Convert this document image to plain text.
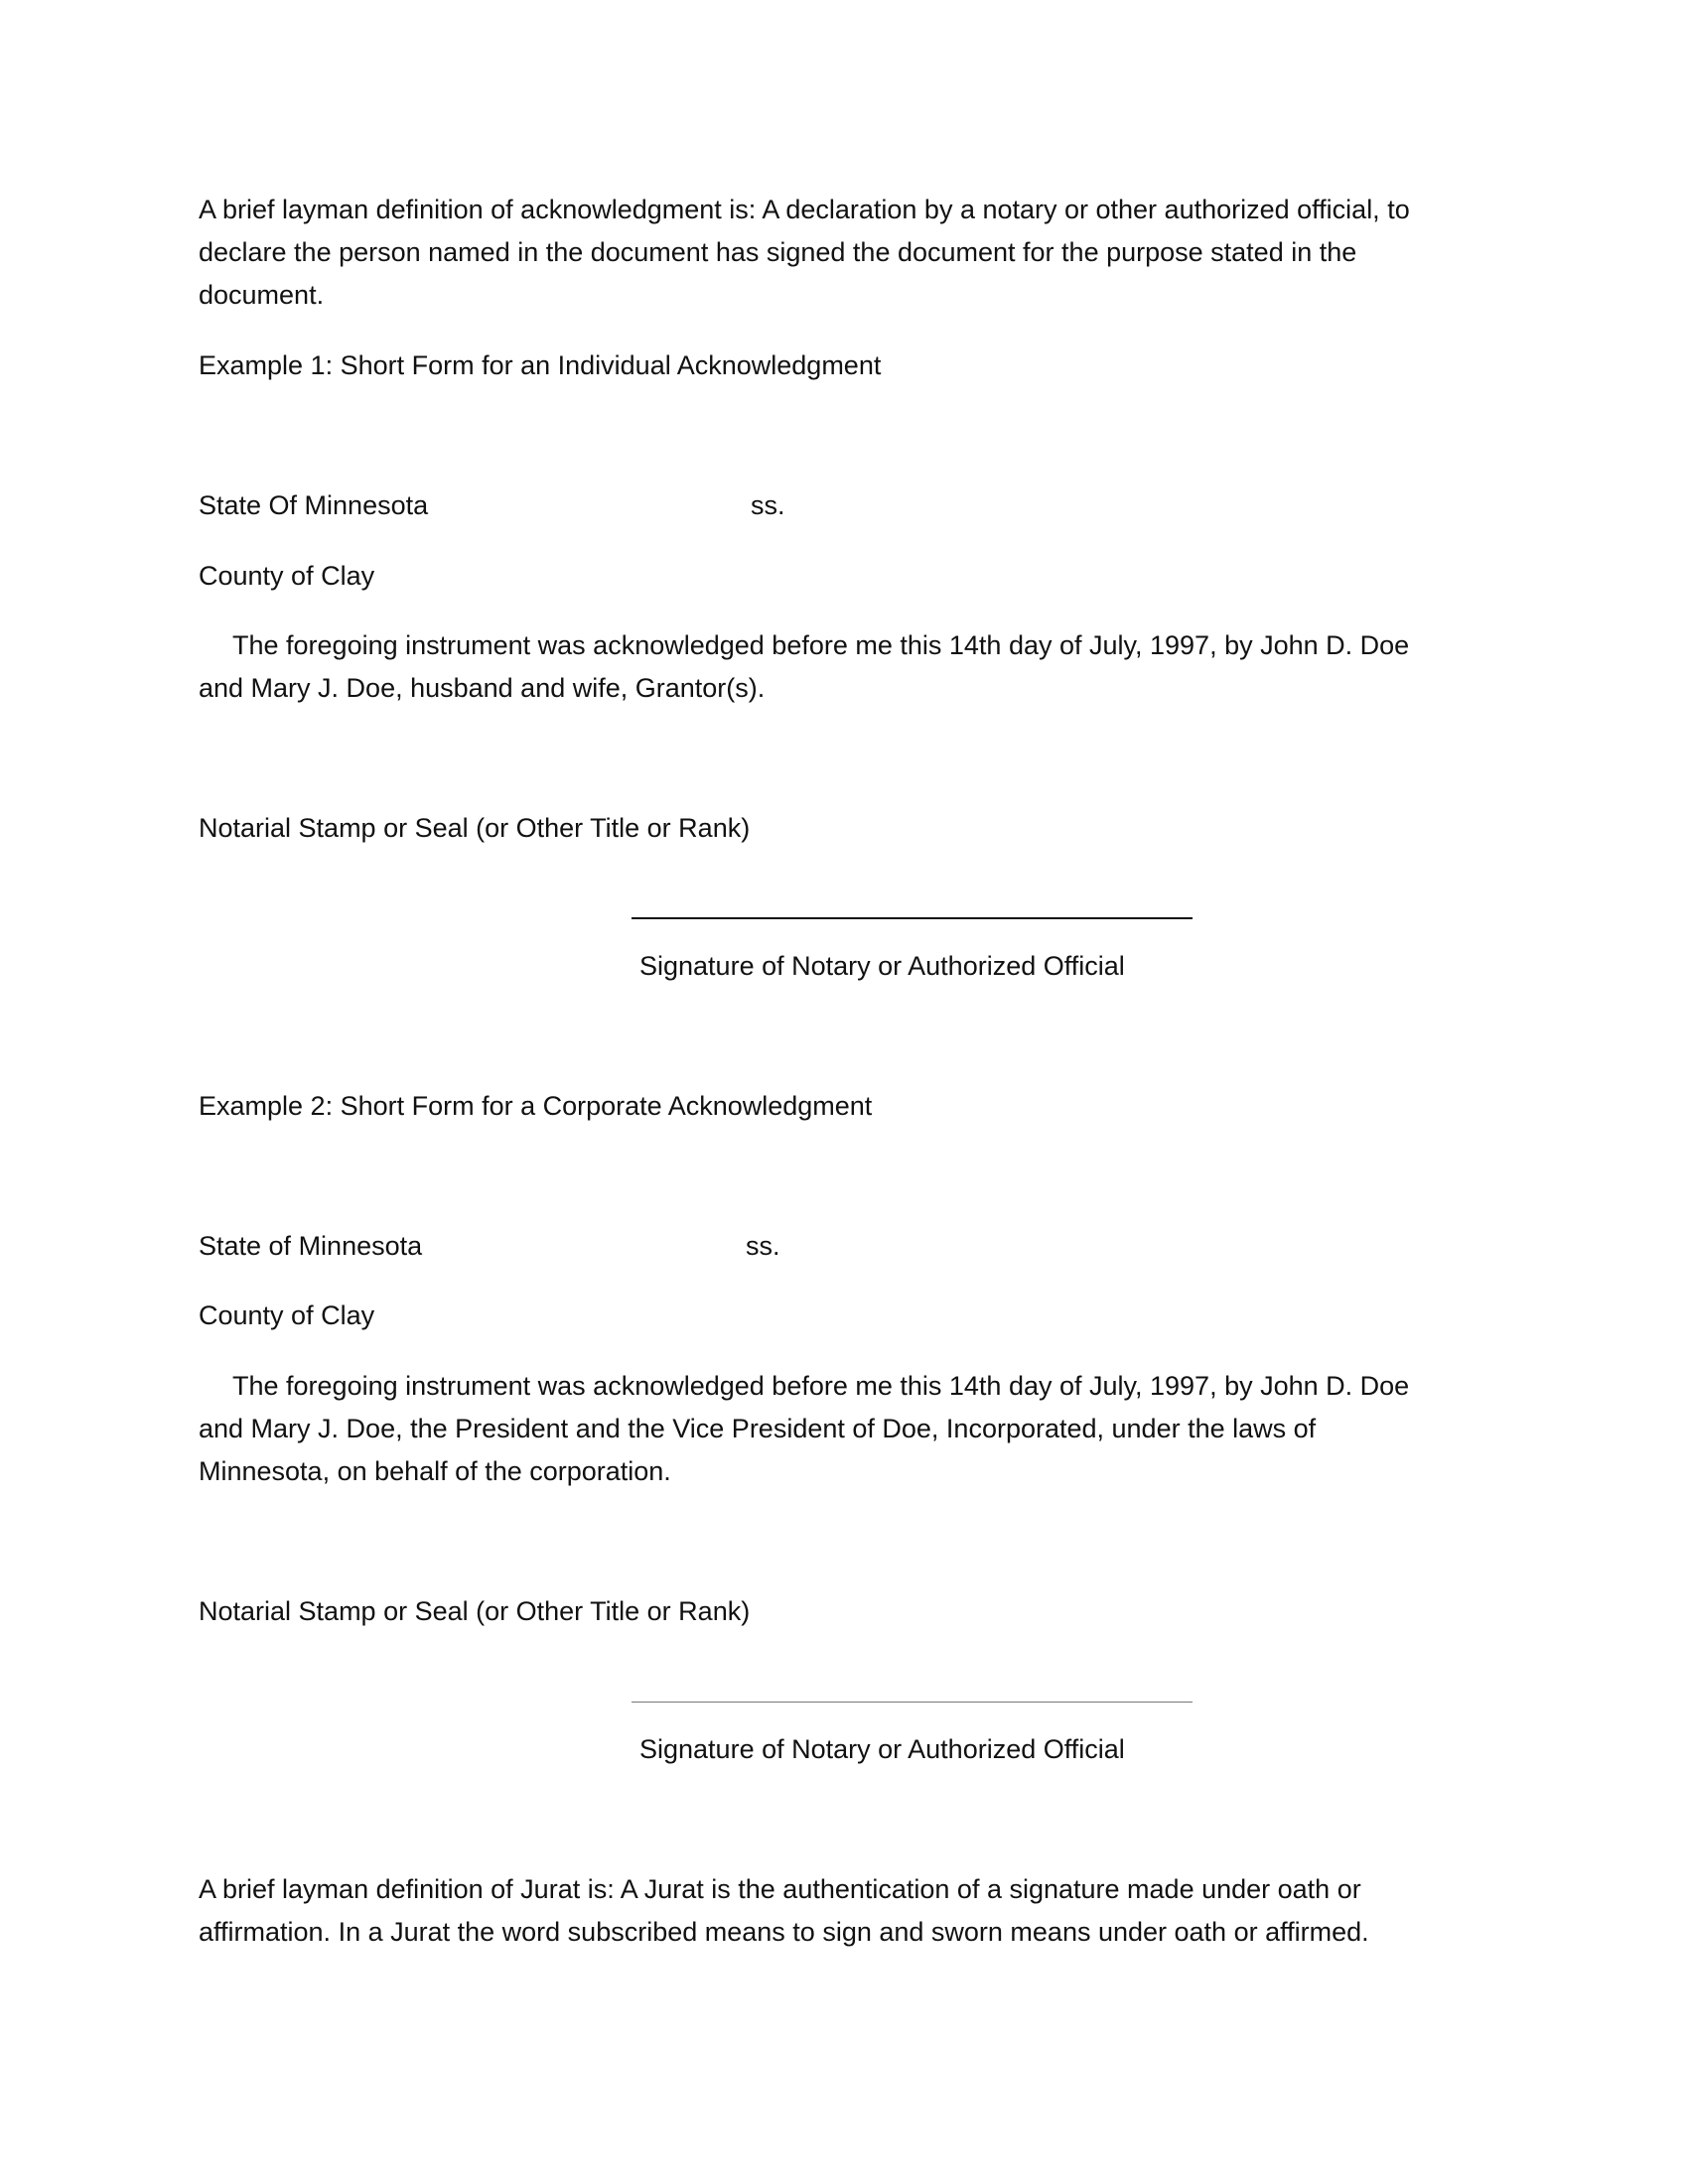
A brief layman definition of acknowledgment is: A declaration by a notary or other authorized official, to
declare the person named in the document has signed the document for the purpose stated in the
document.
Example 1: Short Form for an Individual Acknowledgment
State Of Minnesota	ss.
County of Clay
The foregoing instrument was acknowledged before me this 14th day of July, 1997, by John D. Doe
and Mary J. Doe, husband and wife, Grantor(s).
Notarial Stamp or Seal (or Other Title or Rank)
Signature of Notary or Authorized Official
Example 2: Short Form for a Corporate Acknowledgment
State of Minnesota	ss.
County of Clay
The foregoing instrument was acknowledged before me this 14th day of July, 1997, by John D. Doe
and Mary J. Doe, the President and the Vice President of Doe, Incorporated, under the laws of
Minnesota, on behalf of the corporation.
Notarial Stamp or Seal (or Other Title or Rank)
Signature of Notary or Authorized Official
A brief layman definition of Jurat is: A Jurat is the authentication of a signature made under oath or
affirmation. In a Jurat the word subscribed means to sign and sworn means under oath or affirmed.
